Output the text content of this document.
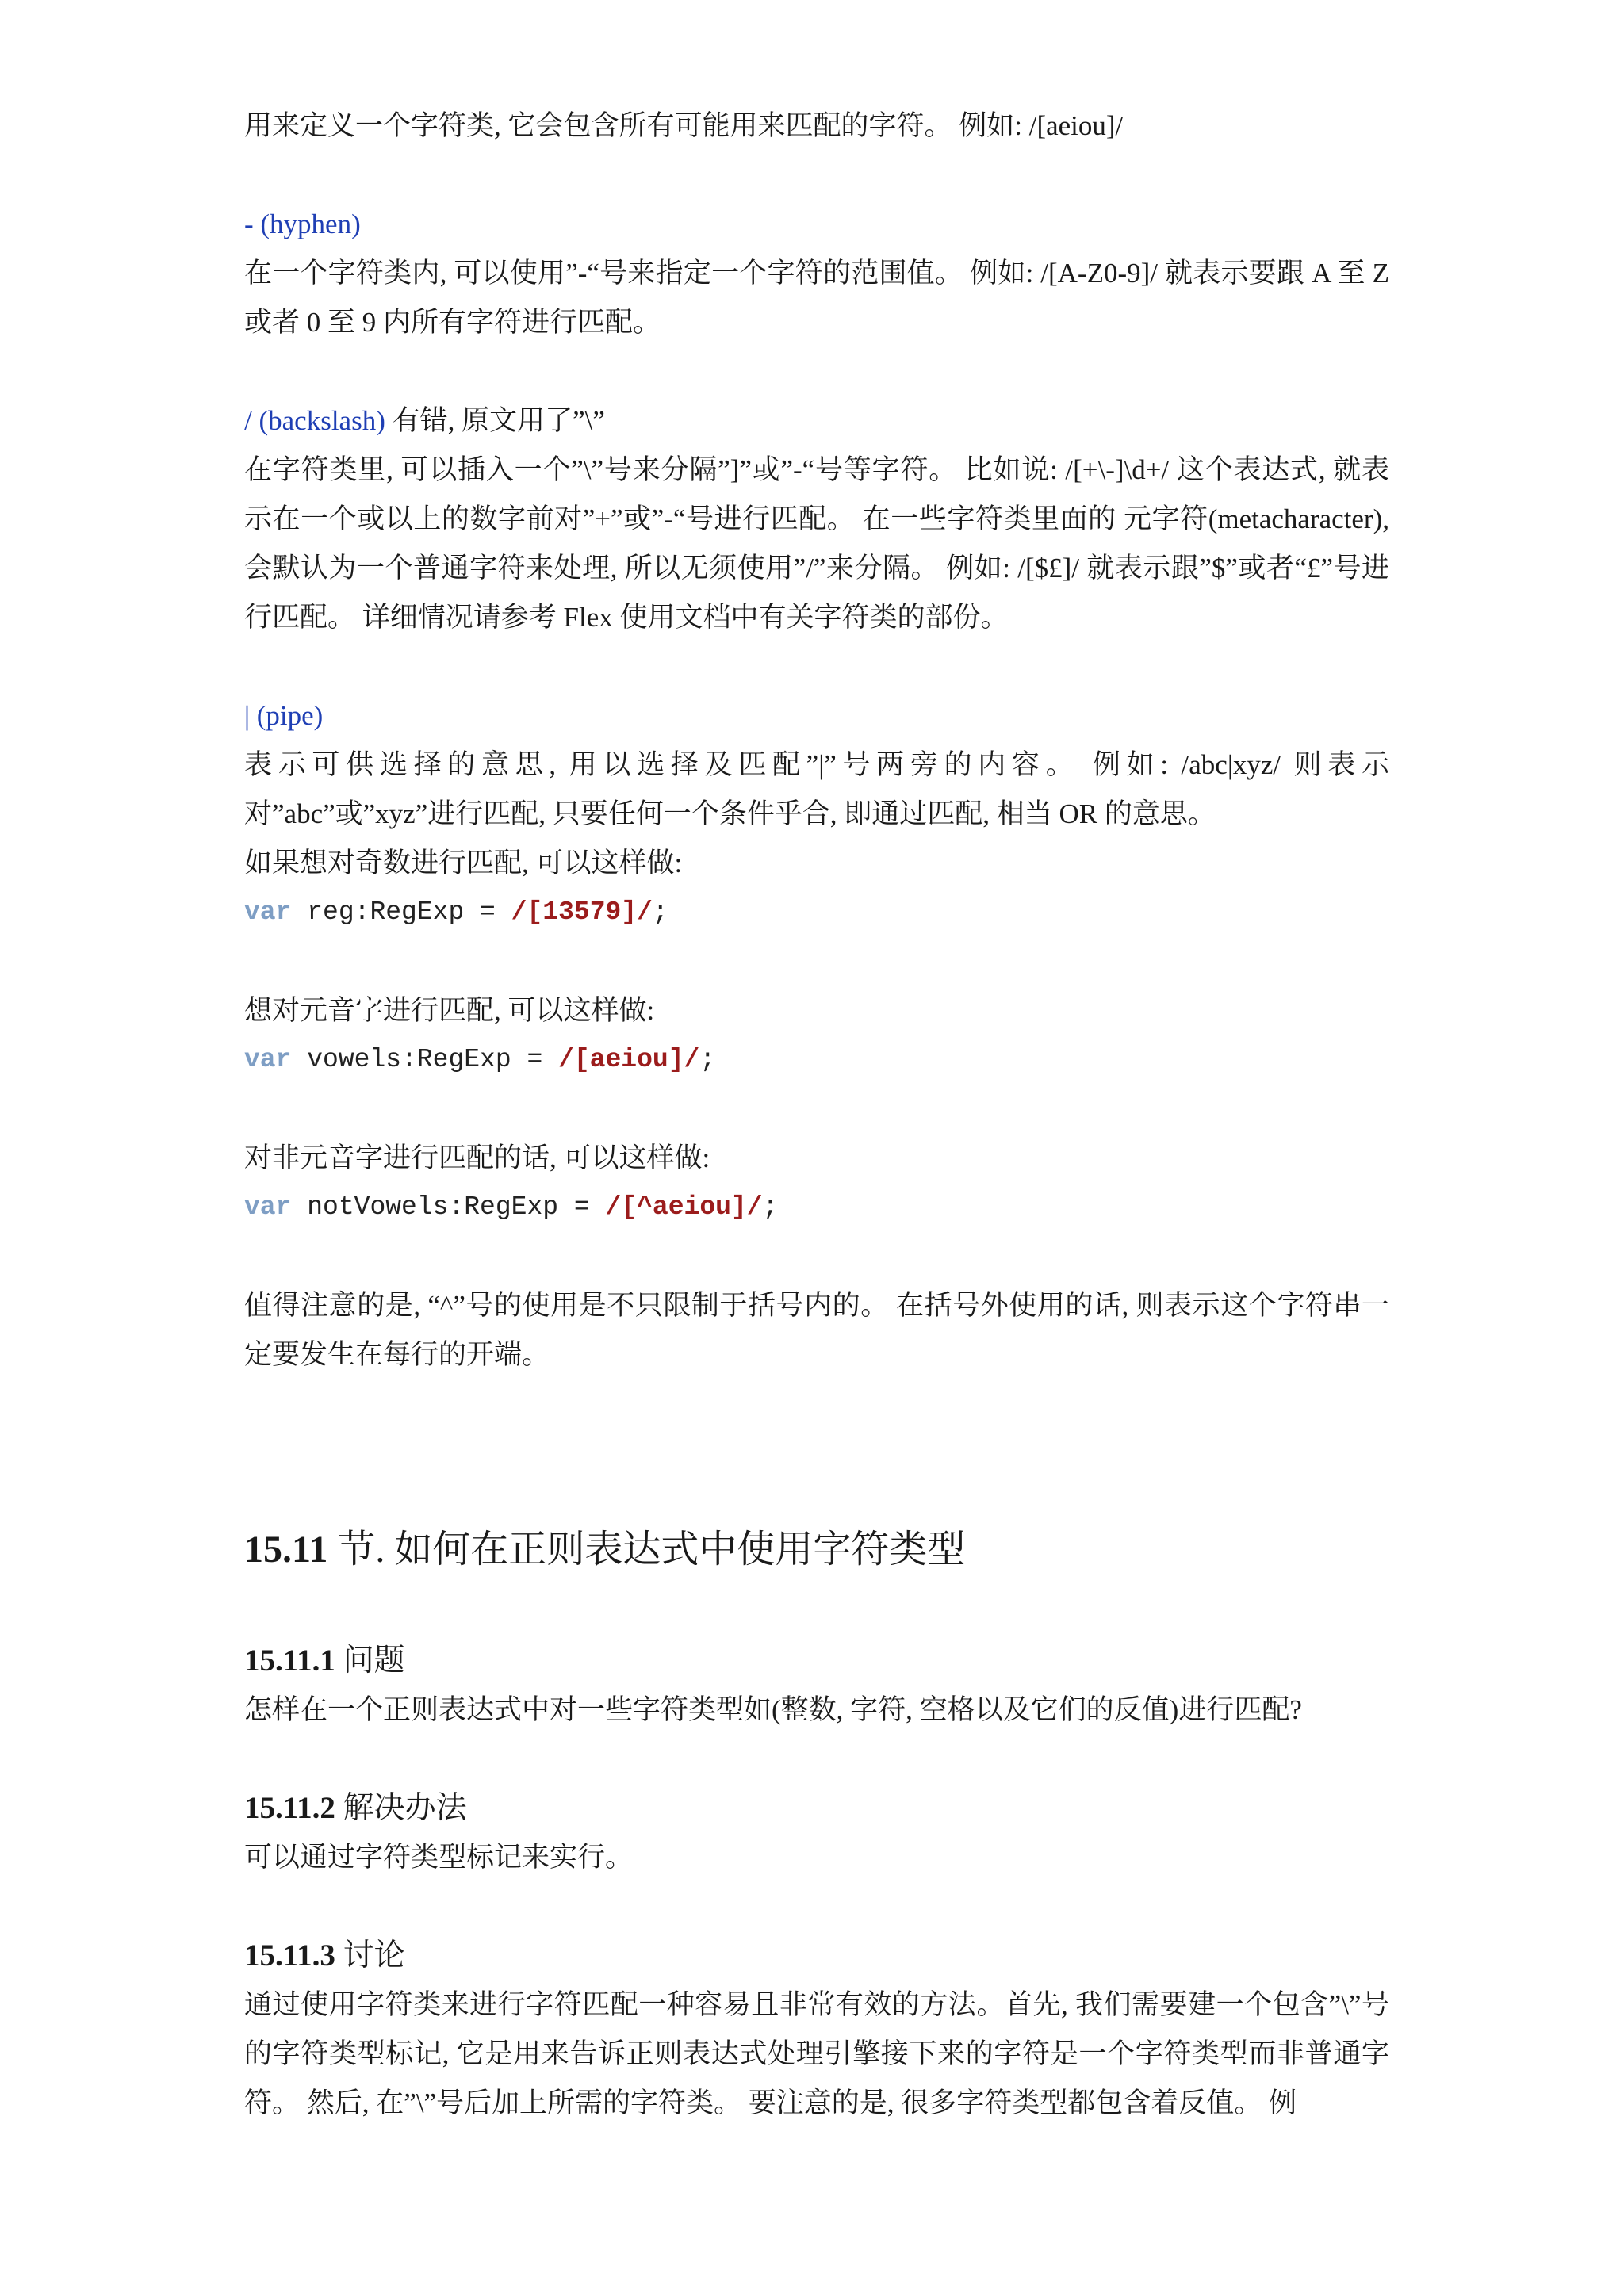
用来定义一个字符类, 它会包含所有可能用来匹配的字符。 例如: /[aeiou]/

- (hyphen)

在一个字符类内, 可以使用”-“号来指定一个字符的范围值。 例如: /[A-Z0-9]/ 就表示要跟 A 至 Z 或者 0 至 9 内所有字符进行匹配。

/ (backslash) 有错, 原文用了”\”

在字符类里, 可以插入一个”\”号来分隔”]”或”-“号等字符。 比如说: /[+\-]\d+/ 这个表达式, 就表示在一个或以上的数字前对”+”或”-“号进行匹配。 在一些字符类里面的 元字符(metacharacter), 会默认为一个普通字符来处理, 所以无须使用”/”来分隔。 例如: /[$£]/ 就表示跟”$”或者“£”号进行匹配。 详细情况请参考 Flex 使用文档中有关字符类的部份。

| (pipe)

表示可供选择的意思, 用以选择及匹配”|”号两旁的内容。 例如: /abc|xyz/ 则表示对”abc”或”xyz”进行匹配, 只要任何一个条件乎合, 即通过匹配, 相当 OR 的意思。

如果想对奇数进行匹配, 可以这样做:

var reg:RegExp = /[13579]/;

想对元音字进行匹配, 可以这样做:

var vowels:RegExp = /[aeiou]/;

对非元音字进行匹配的话, 可以这样做:

var notVowels:RegExp = /[^aeiou]/;

值得注意的是, “^”号的使用是不只限制于括号内的。 在括号外使用的话, 则表示这个字符串一定要发生在每行的开端。

15.11 节. 如何在正则表达式中使用字符类型
15.11.1 问题

怎样在一个正则表达式中对一些字符类型如(整数, 字符, 空格以及它们的反值)进行匹配?

15.11.2 解决办法

可以通过字符类型标记来实行。

15.11.3 讨论

通过使用字符类来进行字符匹配一种容易且非常有效的方法。首先, 我们需要建一个包含”\”号的字符类型标记, 它是用来告诉正则表达式处理引擎接下来的字符是一个字符类型而非普通字符。 然后, 在”\”号后加上所需的字符类。 要注意的是, 很多字符类型都包含着反值。 例
